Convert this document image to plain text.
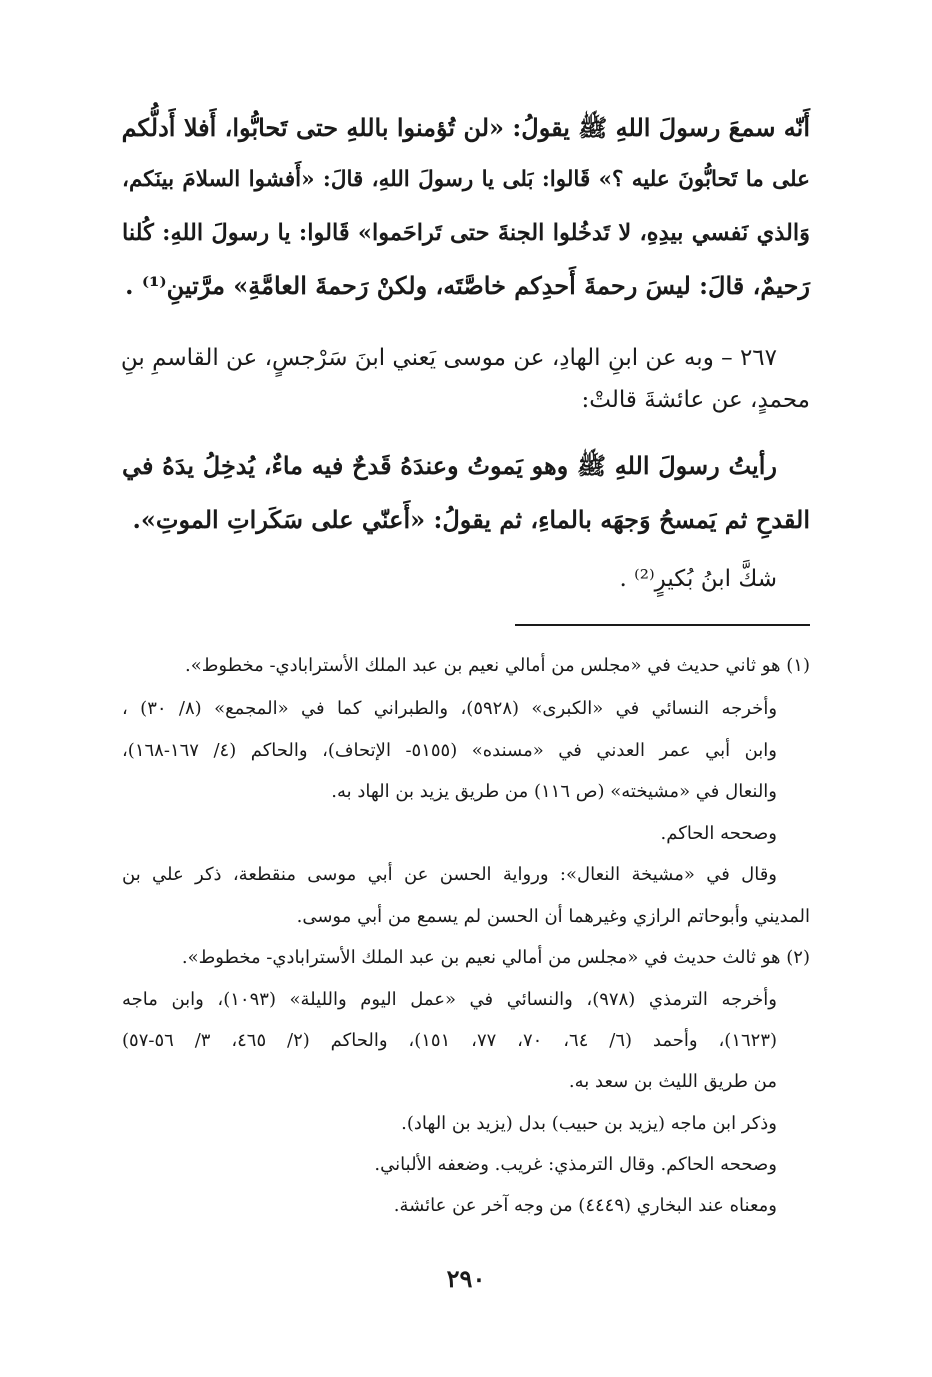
أَنّه سمعَ رسولَ اللهِ ﷺ يقولُ: «لن تُؤمنوا باللهِ حتى تَحابُّوا، أَفلا أَدلُّكم

على ما تَحابُّونَ عليه ؟» قَالوا: بَلى يا رسولَ اللهِ، قالَ: «أَفشوا السلامَ بينَكم،

وَالذي نَفسي بيدِهِ، لا تَدخُلوا الجنةَ حتى تَراحَموا» قَالوا: يا رسولَ اللهِ: كُلنا

رَحيمٌ، قالَ: ليسَ رحمةَ أَحدِكم خاصَّتَه، ولكنْ رَحمةَ العامَّةِ» مرَّتينِ⁽¹⁾ .

٢٦٧ – وبه عن ابنِ الهادِ، عن موسى يَعني ابنَ سَرْجسٍ، عن القاسمِ بنِ

محمدٍ، عن عائشةَ قالتْ:

رأيتُ رسولَ اللهِ ﷺ وهو يَموتُ وعندَهُ قَدحٌ فيه ماءٌ، يُدخِلُ يدَهُ في

القدحِ ثم يَمسحُ وَجهَه بالماءِ، ثم يقولُ: «أَعنّي على سَكَراتِ الموتِ».

شكَّ ابنُ بُكيرٍ⁽²⁾ .

(١) هو ثاني حديث في «مجلس من أمالي نعيم بن عبد الملك الأسترابادي- مخطوط».

وأخرجه النسائي في «الكبرى» (٥٩٢٨)، والطبراني كما في «المجمع» (٨/ ٣٠) ،

وابن أبي عمر العدني في «مسنده» (٥١٥٥- الإتحاف)، والحاكم (٤/ ١٦٧-١٦٨)،

والنعال في «مشيخته» (ص ١١٦) من طريق يزيد بن الهاد به.

وصححه الحاكم.

وقال في «مشيخة النعال»: ورواية الحسن عن أبي موسى منقطعة، ذكر علي بن

المديني وأبوحاتم الرازي وغيرهما أن الحسن لم يسمع من أبي موسى.

(٢) هو ثالث حديث في «مجلس من أمالي نعيم بن عبد الملك الأسترابادي- مخطوط».

وأخرجه الترمذي (٩٧٨)، والنسائي في «عمل اليوم والليلة» (١٠٩٣)، وابن ماجه

(١٦٢٣)، وأحمد (٦/ ٦٤، ٧٠، ٧٧، ١٥١)، والحاكم (٢/ ٤٦٥، ٣/ ٥٦-٥٧)

من طريق الليث بن سعد به.

وذكر ابن ماجه (يزيد بن حبيب) بدل (يزيد بن الهاد).

وصححه الحاكم. وقال الترمذي: غريب. وضعفه الألباني.

ومعناه عند البخاري (٤٤٤٩) من وجه آخر عن عائشة.

٢٩٠
